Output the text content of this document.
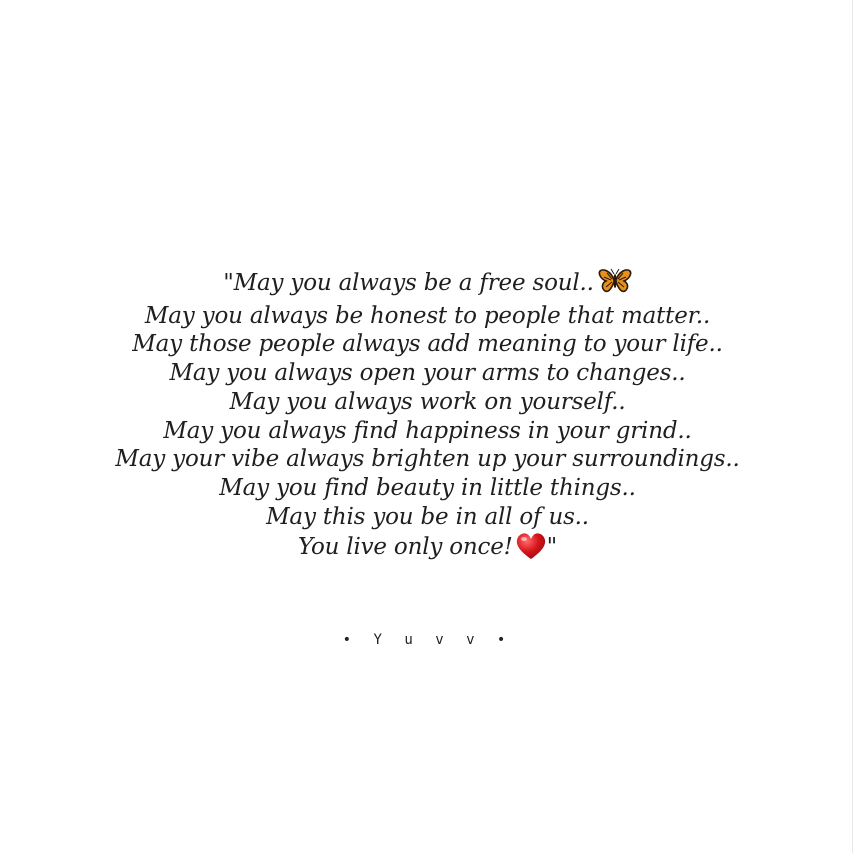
"May you always be a free soul..
May you always be honest to people that matter..
May those people always add meaning to your life..
May you always open your arms to changes..
May you always work on yourself..
May you always find happiness in your grind..
May your vibe always brighten up your surroundings..
May you find beauty in little things..
May this you be in all of us..
You live only once! "
• Y u v v •
